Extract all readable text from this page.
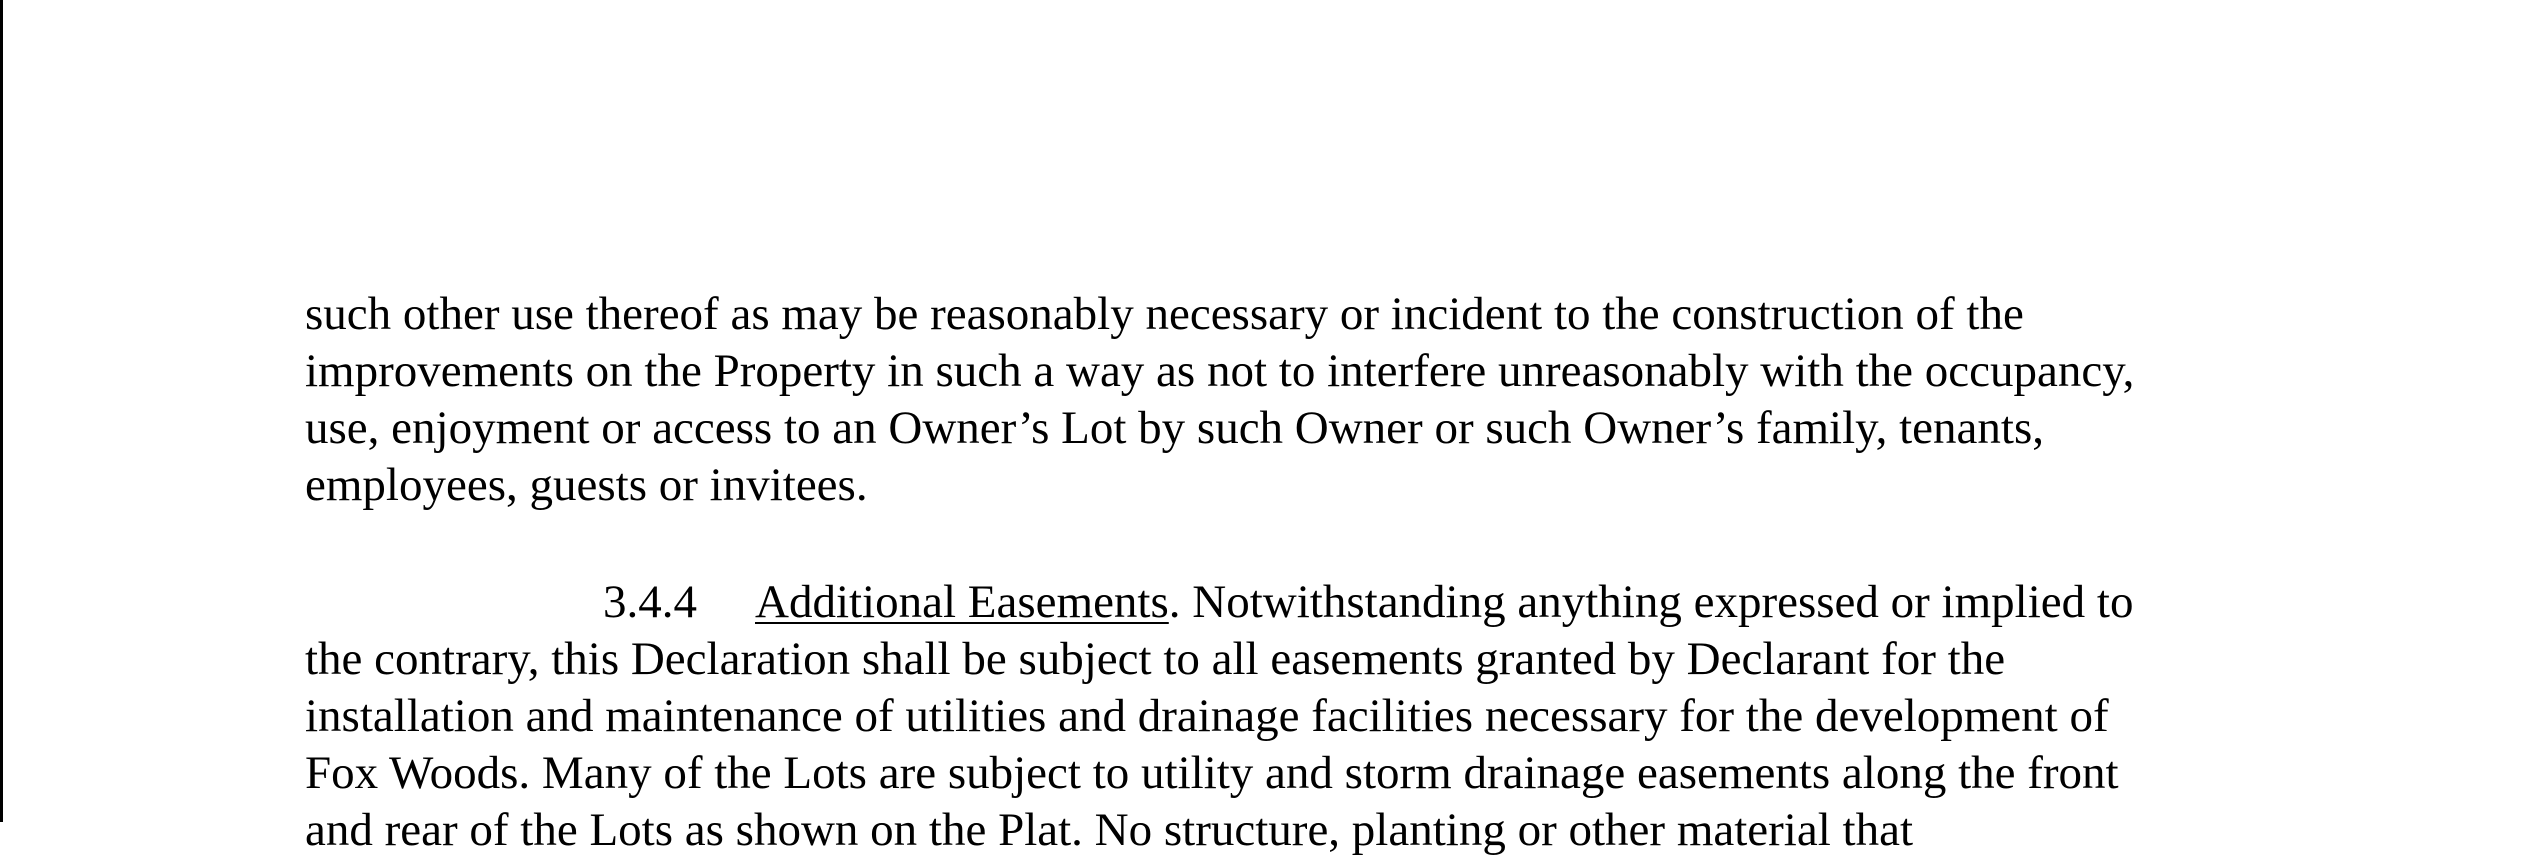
such other use thereof as may be reasonably necessary or incident to the construction of the
improvements on the Property in such a way as not to interfere unreasonably with the occupancy,
use, enjoyment or access to an Owner’s Lot by such Owner or such Owner’s family, tenants,
employees, guests or invitees.
3.4.4 Additional Easements. Notwithstanding anything expressed or implied to
the contrary, this Declaration shall be subject to all easements granted by Declarant for the
installation and maintenance of utilities and drainage facilities necessary for the development of
Fox Woods. Many of the Lots are subject to utility and storm drainage easements along the front
and rear of the Lots as shown on the Plat. No structure, planting or other material that
